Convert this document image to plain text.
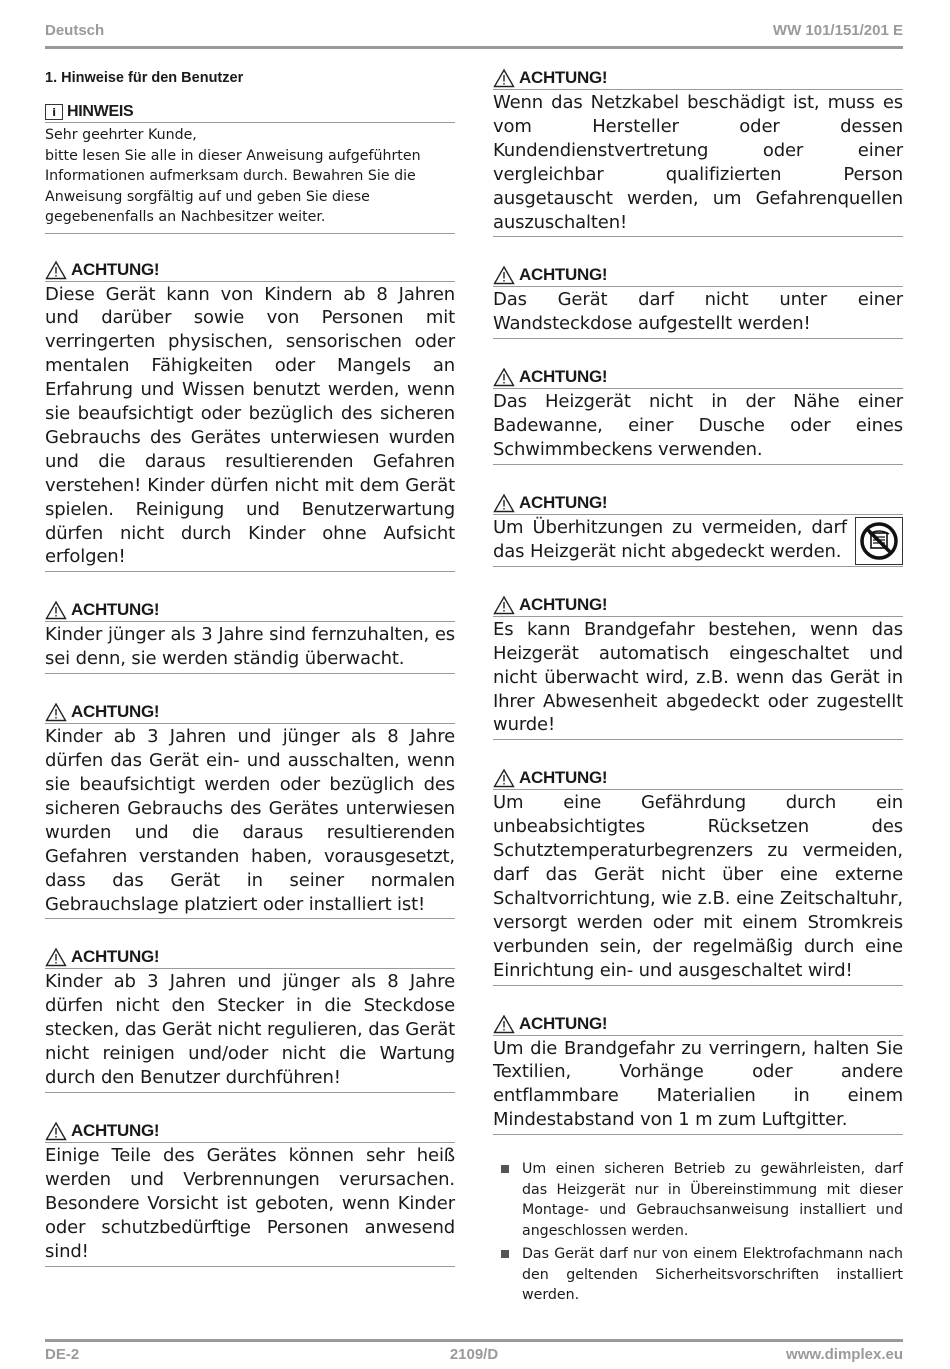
Deutsch	WW 101/151/201 E
1. Hinweise für den Benutzer
i HINWEIS
Sehr geehrter Kunde,
bitte lesen Sie alle in dieser Anweisung aufgeführten Informationen aufmerksam durch. Bewahren Sie die Anweisung sorgfältig auf und geben Sie diese gegebenenfalls an Nachbesitzer weiter.
ACHTUNG!
Diese Gerät kann von Kindern ab 8 Jahren und darüber sowie von Personen mit verringerten physischen, sensorischen oder mentalen Fähigkeiten oder Mangels an Erfahrung und Wissen benutzt werden, wenn sie beaufsichtigt oder bezüglich des sicheren Gebrauchs des Gerätes unterwiesen wurden und die daraus resultierenden Gefahren verstehen! Kinder dürfen nicht mit dem Gerät spielen. Reinigung und Benutzerwartung dürfen nicht durch Kinder ohne Aufsicht erfolgen!
ACHTUNG!
Kinder jünger als 3 Jahre sind fernzuhalten, es sei denn, sie werden ständig überwacht.
ACHTUNG!
Kinder ab 3 Jahren und jünger als 8 Jahre dürfen das Gerät ein- und ausschalten, wenn sie beaufsichtigt werden oder bezüglich des sicheren Gebrauchs des Gerätes unterwiesen wurden und die daraus resultierenden Gefahren verstanden haben, vorausgesetzt, dass das Gerät in seiner normalen Gebrauchslage platziert oder installiert ist!
ACHTUNG!
Kinder ab 3 Jahren und jünger als 8 Jahre dürfen nicht den Stecker in die Steckdose stecken, das Gerät nicht regulieren, das Gerät nicht reinigen und/oder nicht die Wartung durch den Benutzer durchführen!
ACHTUNG!
Einige Teile des Gerätes können sehr heiß werden und Verbrennungen verursachen. Besondere Vorsicht ist geboten, wenn Kinder oder schutzbedürftige Personen anwesend sind!
ACHTUNG!
Wenn das Netzkabel beschädigt ist, muss es vom Hersteller oder dessen Kundendienstvertretung oder einer vergleichbar qualifizierten Person ausgetauscht werden, um Gefahrenquellen auszuschalten!
ACHTUNG!
Das Gerät darf nicht unter einer Wandsteckdose aufgestellt werden!
ACHTUNG!
Das Heizgerät nicht in der Nähe einer Badewanne, einer Dusche oder eines Schwimmbeckens verwenden.
ACHTUNG!
Um Überhitzungen zu vermeiden, darf das Heizgerät nicht abgedeckt werden.
ACHTUNG!
Es kann Brandgefahr bestehen, wenn das Heizgerät automatisch eingeschaltet und nicht überwacht wird, z.B. wenn das Gerät in Ihrer Abwesenheit abgedeckt oder zugestellt wurde!
ACHTUNG!
Um eine Gefährdung durch ein unbeabsichtigtes Rücksetzen des Schutztemperaturbegrenzers zu vermeiden, darf das Gerät nicht über eine externe Schaltvorrichtung, wie z.B. eine Zeitschaltuhr, versorgt werden oder mit einem Stromkreis verbunden sein, der regelmäßig durch eine Einrichtung ein- und ausgeschaltet wird!
ACHTUNG!
Um die Brandgefahr zu verringern, halten Sie Textilien, Vorhänge oder andere entflammbare Materialien in einem Mindestabstand von 1 m zum Luftgitter.
Um einen sicheren Betrieb zu gewährleisten, darf das Heizgerät nur in Übereinstimmung mit dieser Montage- und Gebrauchsanweisung installiert und angeschlossen werden.
Das Gerät darf nur von einem Elektrofachmann nach den geltenden Sicherheitsvorschriften installiert werden.
DE-2	2109/D	www.dimplex.eu
